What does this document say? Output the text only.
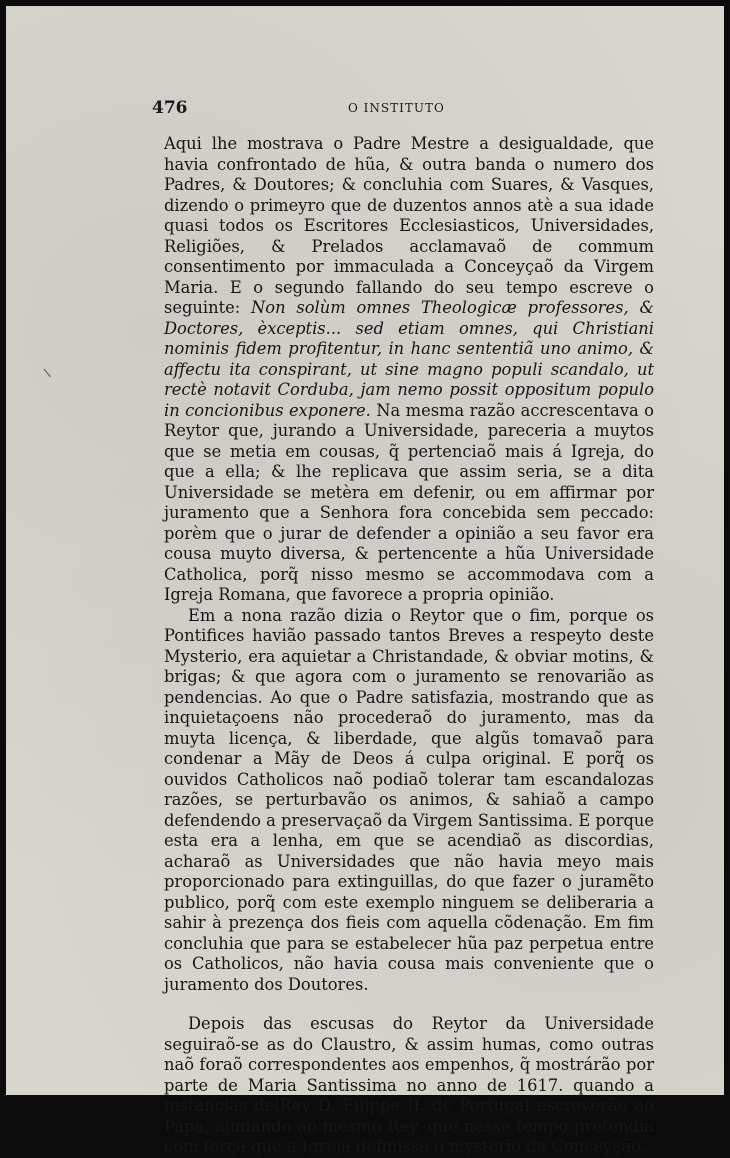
476	O INSTITUTO

Aqui lhe mostrava o Padre Mestre a desigualdade, que havia confrontado de hũa, & outra banda o numero dos Padres, & Doutores; & concluhia com Suares, & Vasques, dizendo o primeyro que de duzentos annos atè a sua idade quasi todos os Escritores Ecclesiasticos, Universidades, Religiões, & Prelados acclamavaõ de commum consentimento por immaculada a Conceyçaõ da Virgem Maria. E o segundo fallando do seu tempo escreve o seguinte: Non solùm omnes Theologicæ professores, & Doctores, èxceptis... sed etiam omnes, qui Christiani nominis fidem profitentur, in hanc sententiã uno animo, & affectu ita conspirant, ut sine magno populi scandalo, ut rectè notavit Corduba, jam nemo possit oppositum populo in concionibus exponere. Na mesma razão accrescentava o Reytor que, jurando a Universidade, pareceria a muytos que se metia em cousas, q̃ pertenciaõ mais á Igreja, do que a ella; & lhe replicava que assim seria, se a dita Universidade se metèra em defenir, ou em affirmar por juramento que a Senhora fora concebida sem peccado: porèm que o jurar de defender a opinião a seu favor era cousa muyto diversa, & pertencente a hũa Universidade Catholica, porq̃ nisso mesmo se accommodava com a Igreja Romana, que favorece a propria opinião.

Em a nona razão dizia o Reytor que o fim, porque os Pontifices havião passado tantos Breves a respeyto deste Mysterio, era aquietar a Christandade, & obviar motins, & brigas; & que agora com o juramento se renovarião as pendencias. Ao que o Padre satisfazia, mostrando que as inquietaçoens não procederaõ do juramento, mas da muyta licença, & liberdade, que algũs tomavaõ para condenar a Mãy de Deos á culpa original. E porq̃ os ouvidos Catholicos naõ podiaõ tolerar tam escandalozas razões, se perturbavão os animos, & sahiaõ a campo defendendo a preservaçaõ da Virgem Santissima. E porque esta era a lenha, em que se acendiaõ as discordias, acharaõ as Universidades que não havia meyo mais proporcionado para extinguillas, do que fazer o juramẽto publico, porq̃ com este exemplo ninguem se deliberaria a sahir à prezença dos fieis com aquella cõdenação. Em fim concluhia que para se estabelecer hũa paz perpetua entre os Catholicos, não havia cousa mais conveniente que o juramento dos Doutores.

Depois das escusas do Reytor da Universidade seguiraõ-se as do Claustro, & assim humas, como outras naõ foraõ correspondentes aos empenhos, q̃ mostrárão por parte de Maria Santissima no anno de 1617. quando a instancias delRey D. Filippe II. de Portugal escrevèrão ao Papa, ajudando ao mesmo Rey, que nesse tempo pretendia com força que a Igreja definisse o mysterio da Conceyção.
